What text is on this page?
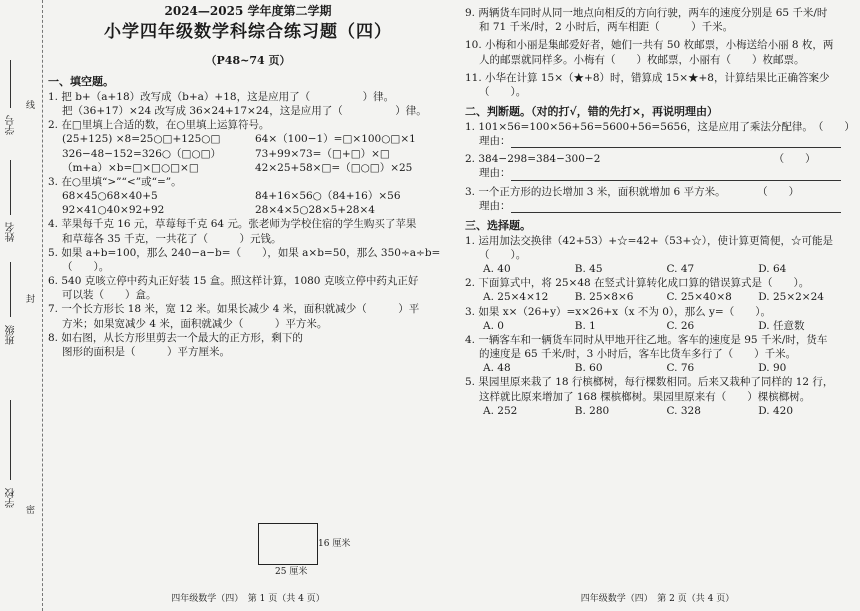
学号
姓名
班级
学校
线
封
密
2024—2025 学年度第二学期
小学四年级数学科综合练习题（四）
（P48~74 页）
一、填空题。

1. 把 b+（a+18）改写成（b+a）+18，这是应用了（　　　　　）律。

把（36+17）×24 改写成 36×24+17×24，这是应用了（　　　　　）律。

2. 在□里填上合适的数，在○里填上运算符号。

(25+125) ×8=25○□+125○□	64×（100−1）=□×100○□×1
326−48−152=326○（□○□）	73+99×73=（□+□）×□
（m+a）×b=□×□○□×□	42×25+58×□=（□○□）×25

3. 在○里填“>”“<”或“=”。

68×45○68×40+5	84+16×56○（84+16）×56
92×41○40×92+92	28×4×5○28×5+28×4

4. 苹果每千克 16 元，草莓每千克 64 元。张老师为学校住宿的学生购买了苹果

和草莓各 35 千克，一共花了（　　　）元钱。

5. 如果 a+b=100，那么 240−a−b=（　　），如果 a×b=50，那么 350÷a÷b=

（　　）。

6. 540 克咳立停中药丸正好装 15 盒。照这样计算，1080 克咳立停中药丸正好

可以装（　　）盒。

7. 一个长方形长 18 米，宽 12 米。如果长减少 4 米，面积就减少（　　　）平

方米；如果宽减少 4 米，面积就减少（　　　）平方米。

8. 如右图，从长方形里剪去一个最大的正方形，剩下的

图形的面积是（　　　）平方厘米。

四年级数学（四）　第 1 页（共 4 页）
16 厘米
25 厘米

9. 两辆货车同时从同一地点向相反的方向行驶，两车的速度分别是 65 千米/时

和 71 千米/时，2 小时后，两车相距（　　　）千米。

10. 小梅和小丽是集邮爱好者，她们一共有 50 枚邮票，小梅送给小丽 8 枚，两

人的邮票就同样多。小梅有（　　）枚邮票，小丽有（　　）枚邮票。

11. 小华在计算 15×（★+8）时，错算成 15×★+8，计算结果比正确答案少

（　　）。

二、判断题。（对的打√，错的先打×，再说明理由）

1. 101×56=100×56+56=5600+56=5656，这是应用了乘法分配律。　（　　）

理由：

2. 384−298=384−300−2　　　　　　　　　　　　　　　　　（　　）

理由：

3. 一个正方形的边长增加 3 米，面积就增加 6 平方米。　　　　（　　）

理由：

三、选择题。

1. 运用加法交换律（42+53）+☆=42+（53+☆），使计算更简便，☆可能是

（　　）。

A. 40	B. 45	C. 47	D. 64

2. 下面算式中，将 25×48 在竖式计算转化成口算的错误算式是（　　）。

A. 25×4×12	B. 25×8×6	C. 25×40×8	D. 25×2×24

3. 如果 x×（26+y）=x×26+x（x 不为 0），那么 y=（　　）。

A. 0	B. 1	C. 26	D. 任意数

4. 一辆客车和一辆货车同时从甲地开往乙地。客车的速度是 95 千米/时，货车

的速度是 65 千米/时，3 小时后，客车比货车多行了（　　）千米。

A. 48	B. 60	C. 76	D. 90

5. 果园里原来栽了 18 行槟榔树，每行棵数相同。后来又栽种了同样的 12 行，

这样就比原来增加了 168 棵槟榔树。果园里原来有（　　）棵槟榔树。

A. 252	B. 280	C. 328	D. 420
四年级数学（四）　第 2 页（共 4 页）
